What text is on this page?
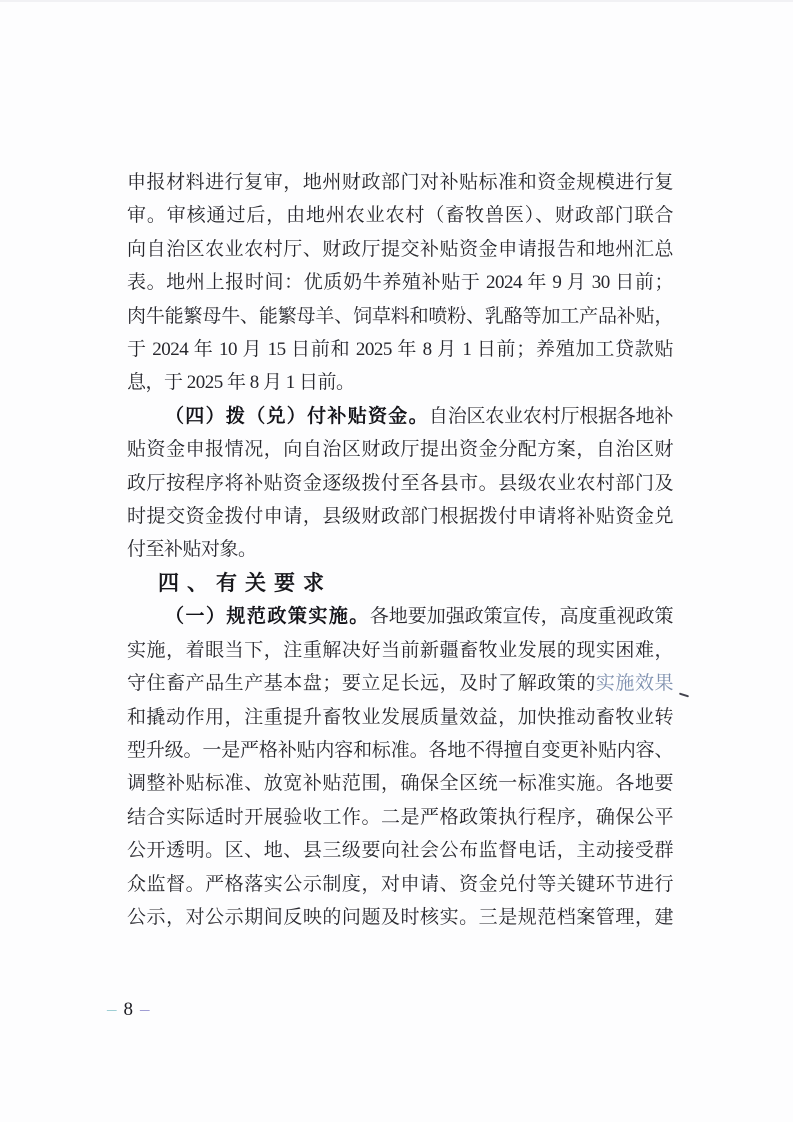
申报材料进行复审，地州财政部门对补贴标准和资金规模进行复
审。审核通过后，由地州农业农村（畜牧兽医）、财政部门联合
向自治区农业农村厅、财政厅提交补贴资金申请报告和地州汇总
表。地州上报时间：优质奶牛养殖补贴于 2024 年 9 月 30 日前；
肉牛能繁母牛、能繁母羊、饲草料和喷粉、乳酪等加工产品补贴，
于 2024 年 10 月 15 日前和 2025 年 8 月 1 日前；养殖加工贷款贴
息，于 2025 年 8 月 1 日前。
（四）拨（兑）付补贴资金。自治区农业农村厅根据各地补
贴资金申报情况，向自治区财政厅提出资金分配方案，自治区财
政厅按程序将补贴资金逐级拨付至各县市。县级农业农村部门及
时提交资金拨付申请，县级财政部门根据拨付申请将补贴资金兑
付至补贴对象。
四、有关要求
（一）规范政策实施。各地要加强政策宣传，高度重视政策
实施，着眼当下，注重解决好当前新疆畜牧业发展的现实困难，
守住畜产品生产基本盘；要立足长远，及时了解政策的实施效果
和撬动作用，注重提升畜牧业发展质量效益，加快推动畜牧业转
型升级。一是严格补贴内容和标准。各地不得擅自变更补贴内容、
调整补贴标准、放宽补贴范围，确保全区统一标准实施。各地要
结合实际适时开展验收工作。二是严格政策执行程序，确保公平
公开透明。区、地、县三级要向社会公布监督电话，主动接受群
众监督。严格落实公示制度，对申请、资金兑付等关键环节进行
公示，对公示期间反映的问题及时核实。三是规范档案管理，建
– 8 –
